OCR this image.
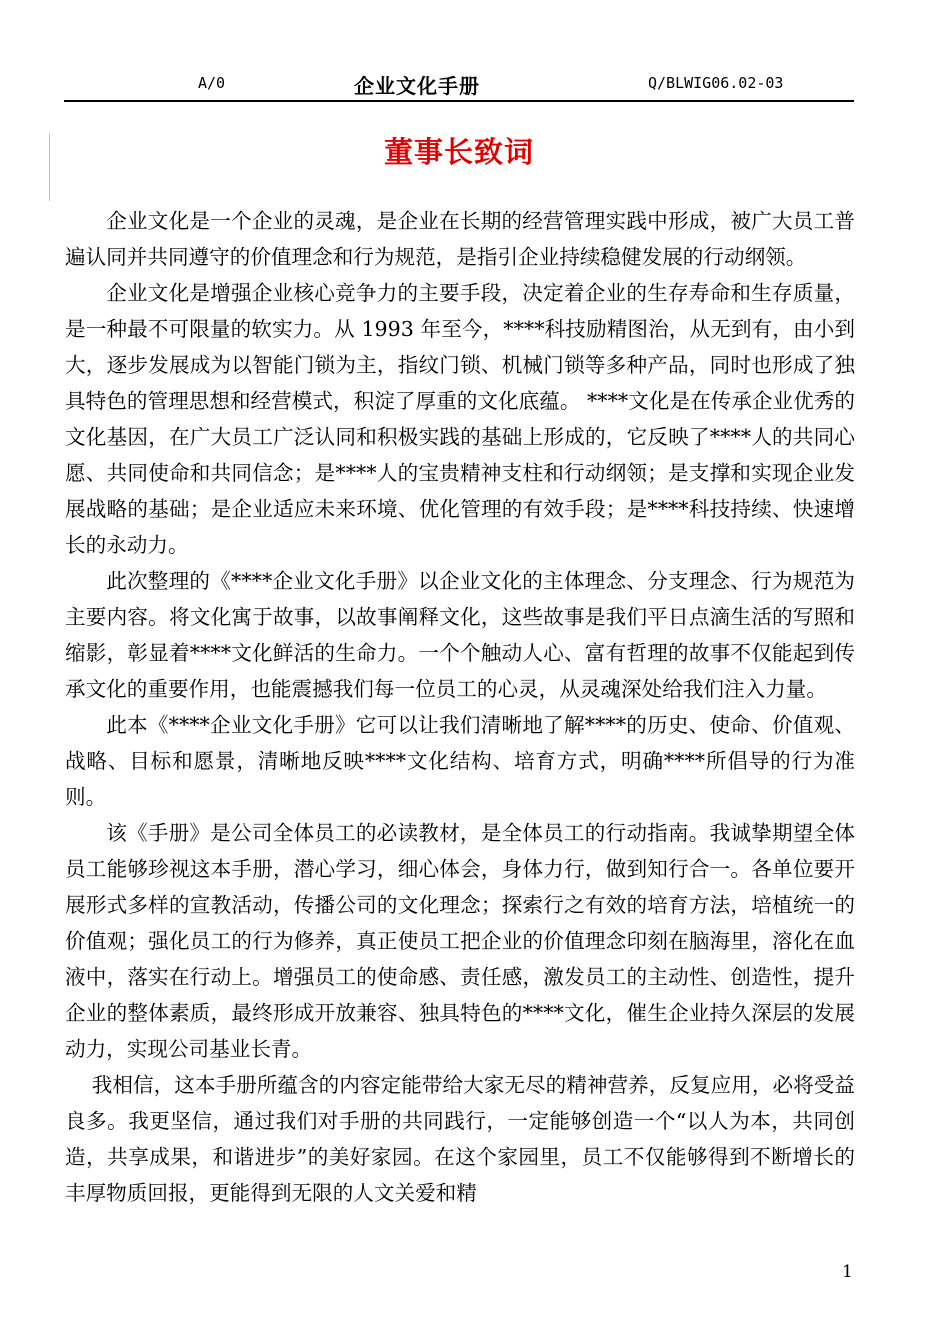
A/0	企业文化手册	Q/BLWIG06.02-03
董事长致词

企业文化是一个企业的灵魂，是企业在长期的经营管理实践中形成，被广大员工普遍认同并共同遵守的价值理念和行为规范，是指引企业持续稳健发展的行动纲领。

企业文化是增强企业核心竞争力的主要手段，决定着企业的生存寿命和生存质量，是一种最不可限量的软实力。从 1993 年至今，****科技励精图治，从无到有，由小到大，逐步发展成为以智能门锁为主，指纹门锁、机械门锁等多种产品，同时也形成了独具特色的管理思想和经营模式，积淀了厚重的文化底蕴。 ****文化是在传承企业优秀的文化基因，在广大员工广泛认同和积极实践的基础上形成的，它反映了****人的共同心愿、共同使命和共同信念；是****人的宝贵精神支柱和行动纲领；是支撑和实现企业发展战略的基础；是企业适应未来环境、优化管理的有效手段；是****科技持续、快速增长的永动力。

此次整理的《****企业文化手册》以企业文化的主体理念、分支理念、行为规范为主要内容。将文化寓于故事，以故事阐释文化，这些故事是我们平日点滴生活的写照和缩影，彰显着****文化鲜活的生命力。一个个触动人心、富有哲理的故事不仅能起到传承文化的重要作用，也能震撼我们每一位员工的心灵，从灵魂深处给我们注入力量。

此本《****企业文化手册》它可以让我们清晰地了解****的历史、使命、价值观、战略、目标和愿景，清晰地反映****文化结构、培育方式，明确****所倡导的行为准则。

该《手册》是公司全体员工的必读教材，是全体员工的行动指南。我诚挚期望全体员工能够珍视这本手册，潜心学习，细心体会，身体力行，做到知行合一。各单位要开展形式多样的宣教活动，传播公司的文化理念；探索行之有效的培育方法，培植统一的价值观；强化员工的行为修养，真正使员工把企业的价值理念印刻在脑海里，溶化在血液中，落实在行动上。增强员工的使命感、责任感，激发员工的主动性、创造性，提升企业的整体素质，最终形成开放兼容、独具特色的****文化，催生企业持久深层的发展动力，实现公司基业长青。

我相信，这本手册所蕴含的内容定能带给大家无尽的精神营养，反复应用，必将受益良多。我更坚信，通过我们对手册的共同践行，一定能够创造一个“以人为本，共同创造，共享成果，和谐进步”的美好家园。在这个家园里，员工不仅能够得到不断增长的丰厚物质回报，更能得到无限的人文关爱和精

1
